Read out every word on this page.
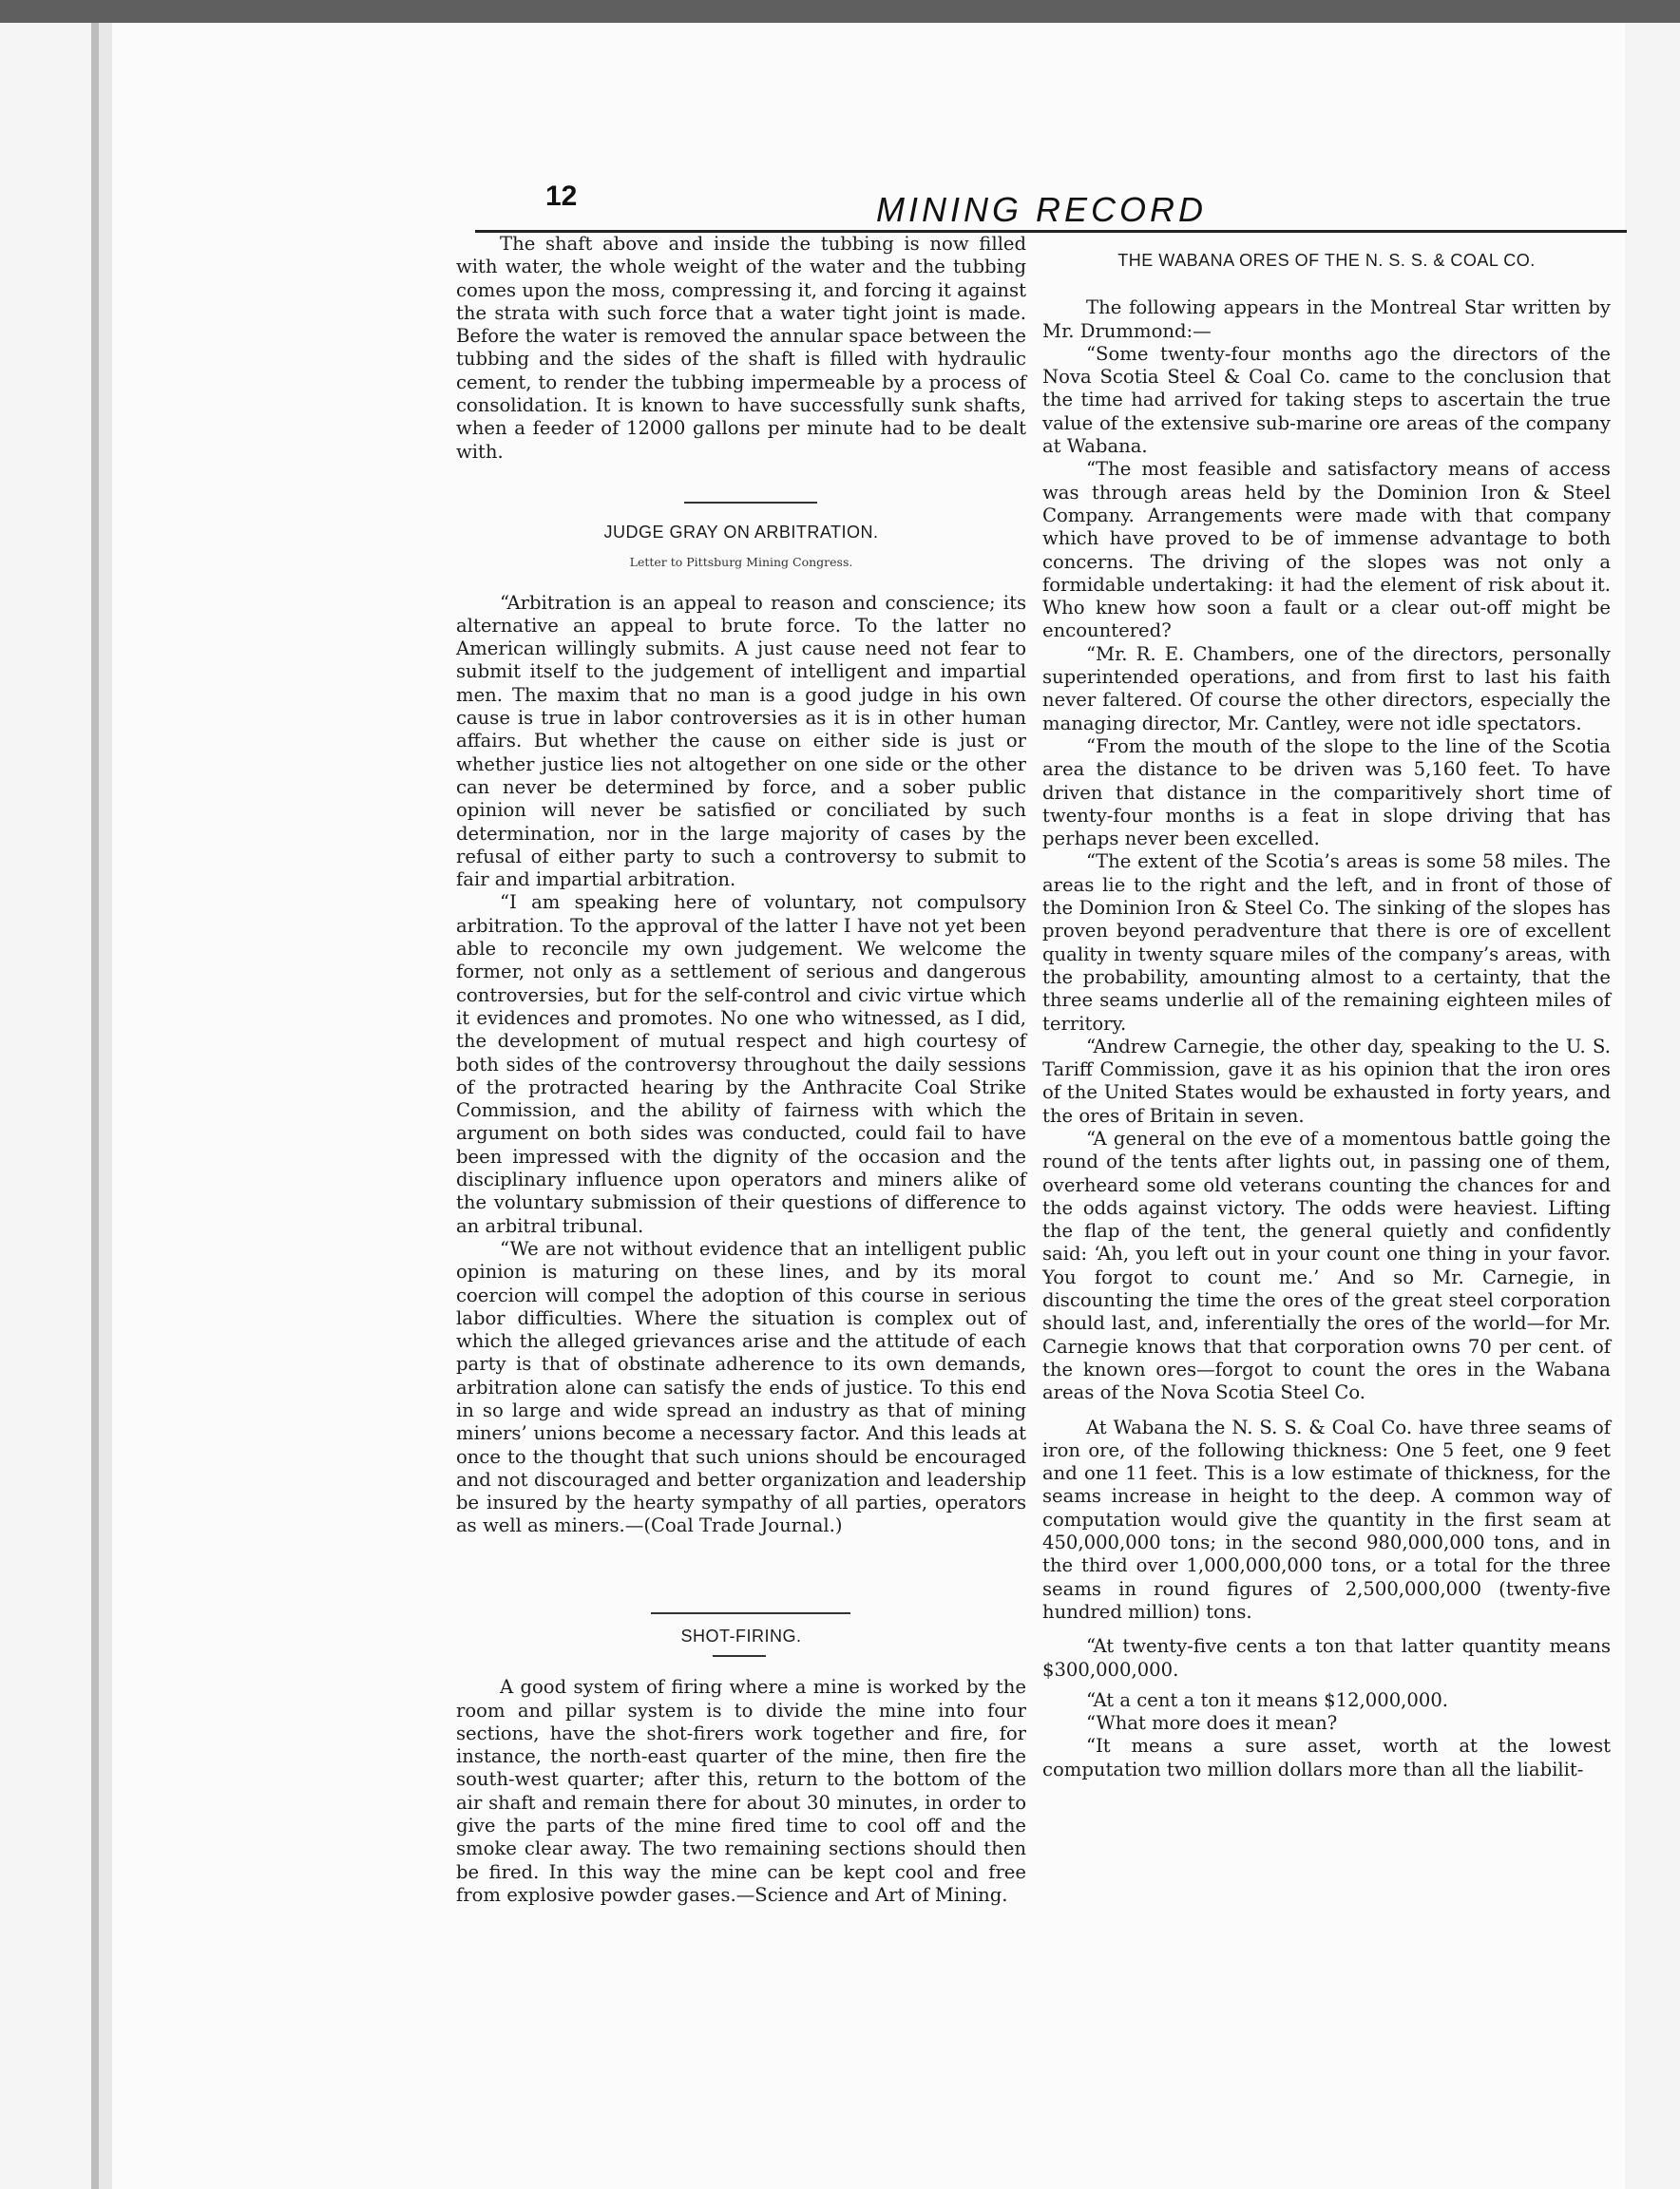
12	MINING RECORD

The shaft above and inside the tubbing is now filled with water, the whole weight of the water and the tubbing comes upon the moss, compressing it, and forcing it against the strata with such force that a water tight joint is made. Before the water is removed the annular space between the tubbing and the sides of the shaft is filled with hydraulic cement, to render the tubbing impermeable by a process of consolidation. It is known to have successfully sunk shafts, when a feeder of 12000 gallons per minute had to be dealt with.

JUDGE GRAY ON ARBITRATION.
Letter to Pittsburg Mining Congress.

“Arbitration is an appeal to reason and conscience; its alternative an appeal to brute force. To the latter no American willingly submits. A just cause need not fear to submit itself to the judgement of intelligent and impartial men. The maxim that no man is a good judge in his own cause is true in labor controversies as it is in other human affairs. But whether the cause on either side is just or whether justice lies not altogether on one side or the other can never be determined by force, and a sober public opinion will never be satisfied or conciliated by such determination, nor in the large majority of cases by the refusal of either party to such a controversy to submit to fair and impartial arbitration.

“I am speaking here of voluntary, not compulsory arbitration. To the approval of the latter I have not yet been able to reconcile my own judgement. We welcome the former, not only as a settlement of serious and dangerous controversies, but for the self-control and civic virtue which it evidences and promotes. No one who witnessed, as I did, the development of mutual respect and high courtesy of both sides of the controversy throughout the daily sessions of the protracted hearing by the Anthracite Coal Strike Commission, and the ability of fairness with which the argument on both sides was conducted, could fail to have been impressed with the dignity of the occasion and the disciplinary influence upon operators and miners alike of the voluntary submission of their questions of difference to an arbitral tribunal.

“We are not without evidence that an intelligent public opinion is maturing on these lines, and by its moral coercion will compel the adoption of this course in serious labor difficulties. Where the situation is complex out of which the alleged grievances arise and the attitude of each party is that of obstinate adherence to its own demands, arbitration alone can satisfy the ends of justice. To this end in so large and wide spread an industry as that of mining miners’ unions become a necessary factor. And this leads at once to the thought that such unions should be encouraged and not discouraged and better organization and leadership be insured by the hearty sympathy of all parties, operators as well as miners.—(Coal Trade Journal.)

SHOT-FIRING.

A good system of firing where a mine is worked by the room and pillar system is to divide the mine into four sections, have the shot-firers work together and fire, for instance, the north-east quarter of the mine, then fire the south-west quarter; after this, return to the bottom of the air shaft and remain there for about 30 minutes, in order to give the parts of the mine fired time to cool off and the smoke clear away. The two remaining sections should then be fired. In this way the mine can be kept cool and free from explosive powder gases.—Science and Art of Mining.

THE WABANA ORES OF THE N. S. S. & COAL CO.

The following appears in the Montreal Star written by Mr. Drummond:—

“Some twenty-four months ago the directors of the Nova Scotia Steel & Coal Co. came to the conclusion that the time had arrived for taking steps to ascertain the true value of the extensive sub-marine ore areas of the company at Wabana.

“The most feasible and satisfactory means of access was through areas held by the Dominion Iron & Steel Company. Arrangements were made with that company which have proved to be of immense advantage to both concerns. The driving of the slopes was not only a formidable undertaking: it had the element of risk about it. Who knew how soon a fault or a clear out-off might be encountered?

“Mr. R. E. Chambers, one of the directors, personally superintended operations, and from first to last his faith never faltered. Of course the other directors, especially the managing director, Mr. Cantley, were not idle spectators.

“From the mouth of the slope to the line of the Scotia area the distance to be driven was 5,160 feet. To have driven that distance in the comparitively short time of twenty-four months is a feat in slope driving that has perhaps never been excelled.

“The extent of the Scotia’s areas is some 58 miles. The areas lie to the right and the left, and in front of those of the Dominion Iron & Steel Co. The sinking of the slopes has proven beyond peradventure that there is ore of excellent quality in twenty square miles of the company’s areas, with the probability, amounting almost to a certainty, that the three seams underlie all of the remaining eighteen miles of territory.

“Andrew Carnegie, the other day, speaking to the U. S. Tariff Commission, gave it as his opinion that the iron ores of the United States would be exhausted in forty years, and the ores of Britain in seven.

“A general on the eve of a momentous battle going the round of the tents after lights out, in passing one of them, overheard some old veterans counting the chances for and the odds against victory. The odds were heaviest. Lifting the flap of the tent, the general quietly and confidently said: ‘Ah, you left out in your count one thing in your favor. You forgot to count me.’ And so Mr. Carnegie, in discounting the time the ores of the great steel corporation should last, and, inferentially the ores of the world—for Mr. Carnegie knows that that corporation owns 70 per cent. of the known ores—forgot to count the ores in the Wabana areas of the Nova Scotia Steel Co.

At Wabana the N. S. S. & Coal Co. have three seams of iron ore, of the following thickness: One 5 feet, one 9 feet and one 11 feet. This is a low estimate of thickness, for the seams increase in height to the deep. A common way of computation would give the quantity in the first seam at 450,000,000 tons; in the second 980,000,000 tons, and in the third over 1,000,000,000 tons, or a total for the three seams in round figures of 2,500,000,000 (twenty-five hundred million) tons.

“At twenty-five cents a ton that latter quantity means $300,000,000.

“At a cent a ton it means $12,000,000.

“What more does it mean?

“It means a sure asset, worth at the lowest computation two million dollars more than all the liabilit-
